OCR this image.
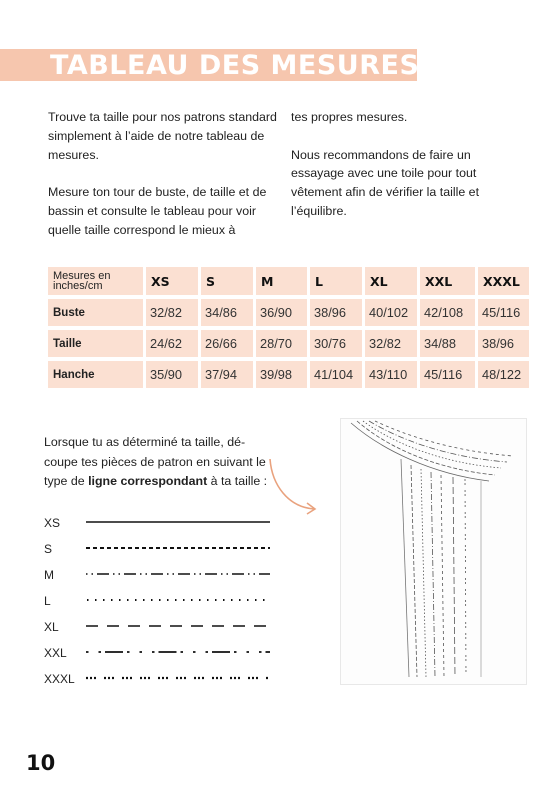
TABLEAU DES MESURES

Trouve ta taille pour nos patrons standard simplement à l’aide de notre tableau de mesures.

Mesure ton tour de buste, de taille et de bassin et consulte le tableau pour voir quelle taille correspond le mieux à

tes propres mesures.

Nous recommandons de faire un essayage avec une toile pour tout vêtement afin de vérifier la taille et l’équilibre.

Mesures en inches/cm	XS	S	M	L	XL	XXL	XXXL
Buste	32/82	34/86	36/90	38/96	40/102	42/108	45/116
Taille	24/62	26/66	28/70	30/76	32/82	34/88	38/96
Hanche	35/90	37/94	39/98	41/104	43/110	45/116	48/122
Lorsque tu as déterminé ta taille, découpe tes pièces de patron en suivant le type de ligne correspondant à ta taille :
XS
S
M
L
XL
XXL
XXXL
10
